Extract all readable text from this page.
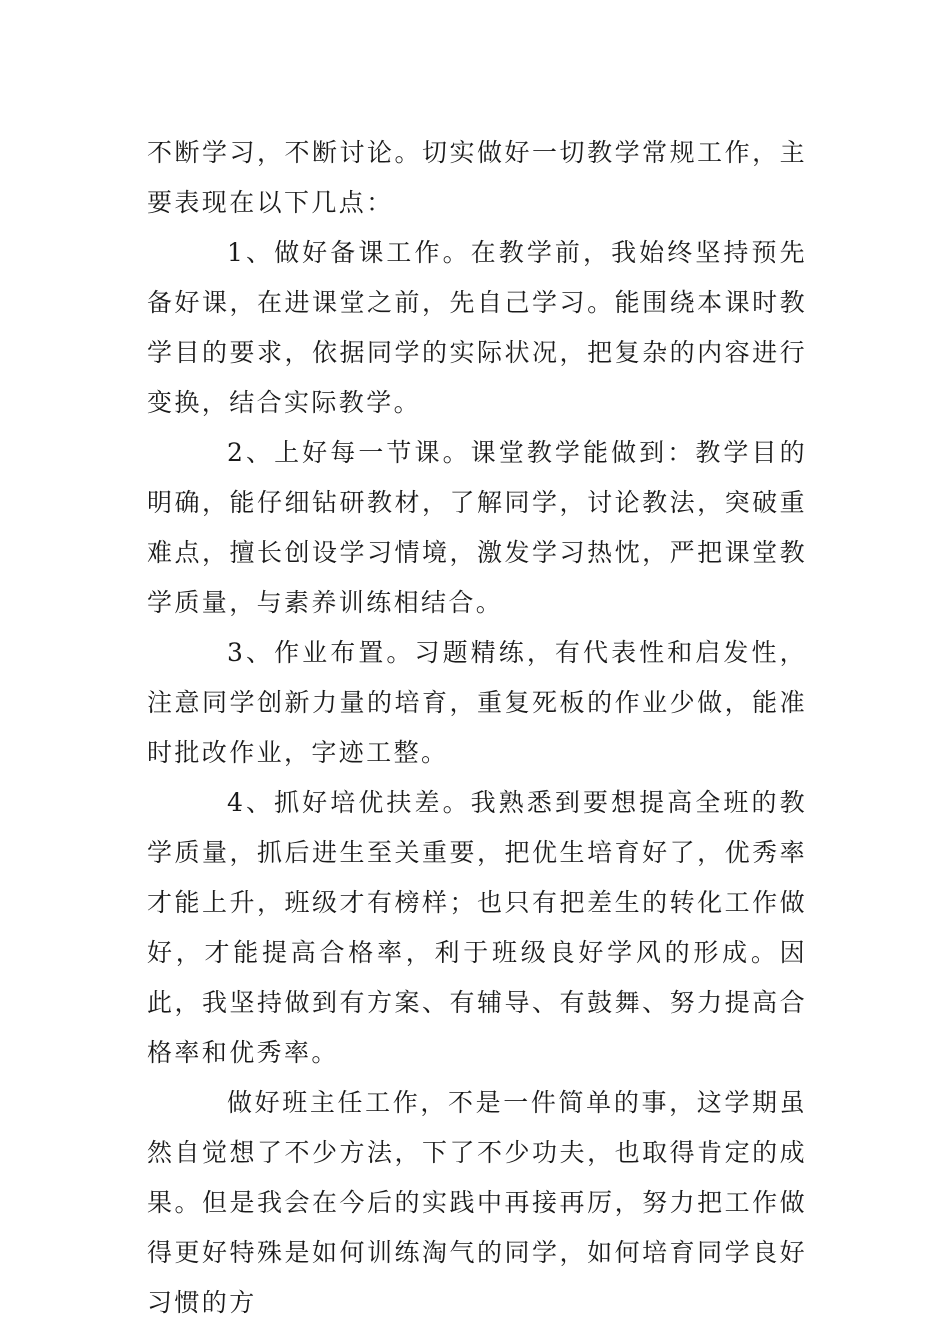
不断学习，不断讨论。切实做好一切教学常规工作，主要表现在以下几点：

1、做好备课工作。在教学前，我始终坚持预先备好课，在进课堂之前，先自己学习。能围绕本课时教学目的要求，依据同学的实际状况，把复杂的内容进行变换，结合实际教学。

2、上好每一节课。课堂教学能做到：教学目的明确，能仔细钻研教材，了解同学，讨论教法，突破重难点，擅长创设学习情境，激发学习热忱，严把课堂教学质量，与素养训练相结合。

3、作业布置。习题精练，有代表性和启发性，注意同学创新力量的培育，重复死板的作业少做，能准时批改作业，字迹工整。

4、抓好培优扶差。我熟悉到要想提高全班的教学质量，抓后进生至关重要，把优生培育好了，优秀率才能上升，班级才有榜样；也只有把差生的转化工作做好，才能提高合格率，利于班级良好学风的形成。因此，我坚持做到有方案、有辅导、有鼓舞、努力提高合格率和优秀率。

做好班主任工作，不是一件简单的事，这学期虽然自觉想了不少方法，下了不少功夫，也取得肯定的成果。但是我会在今后的实践中再接再厉，努力把工作做得更好特殊是如何训练淘气的同学，如何培育同学良好习惯的方
